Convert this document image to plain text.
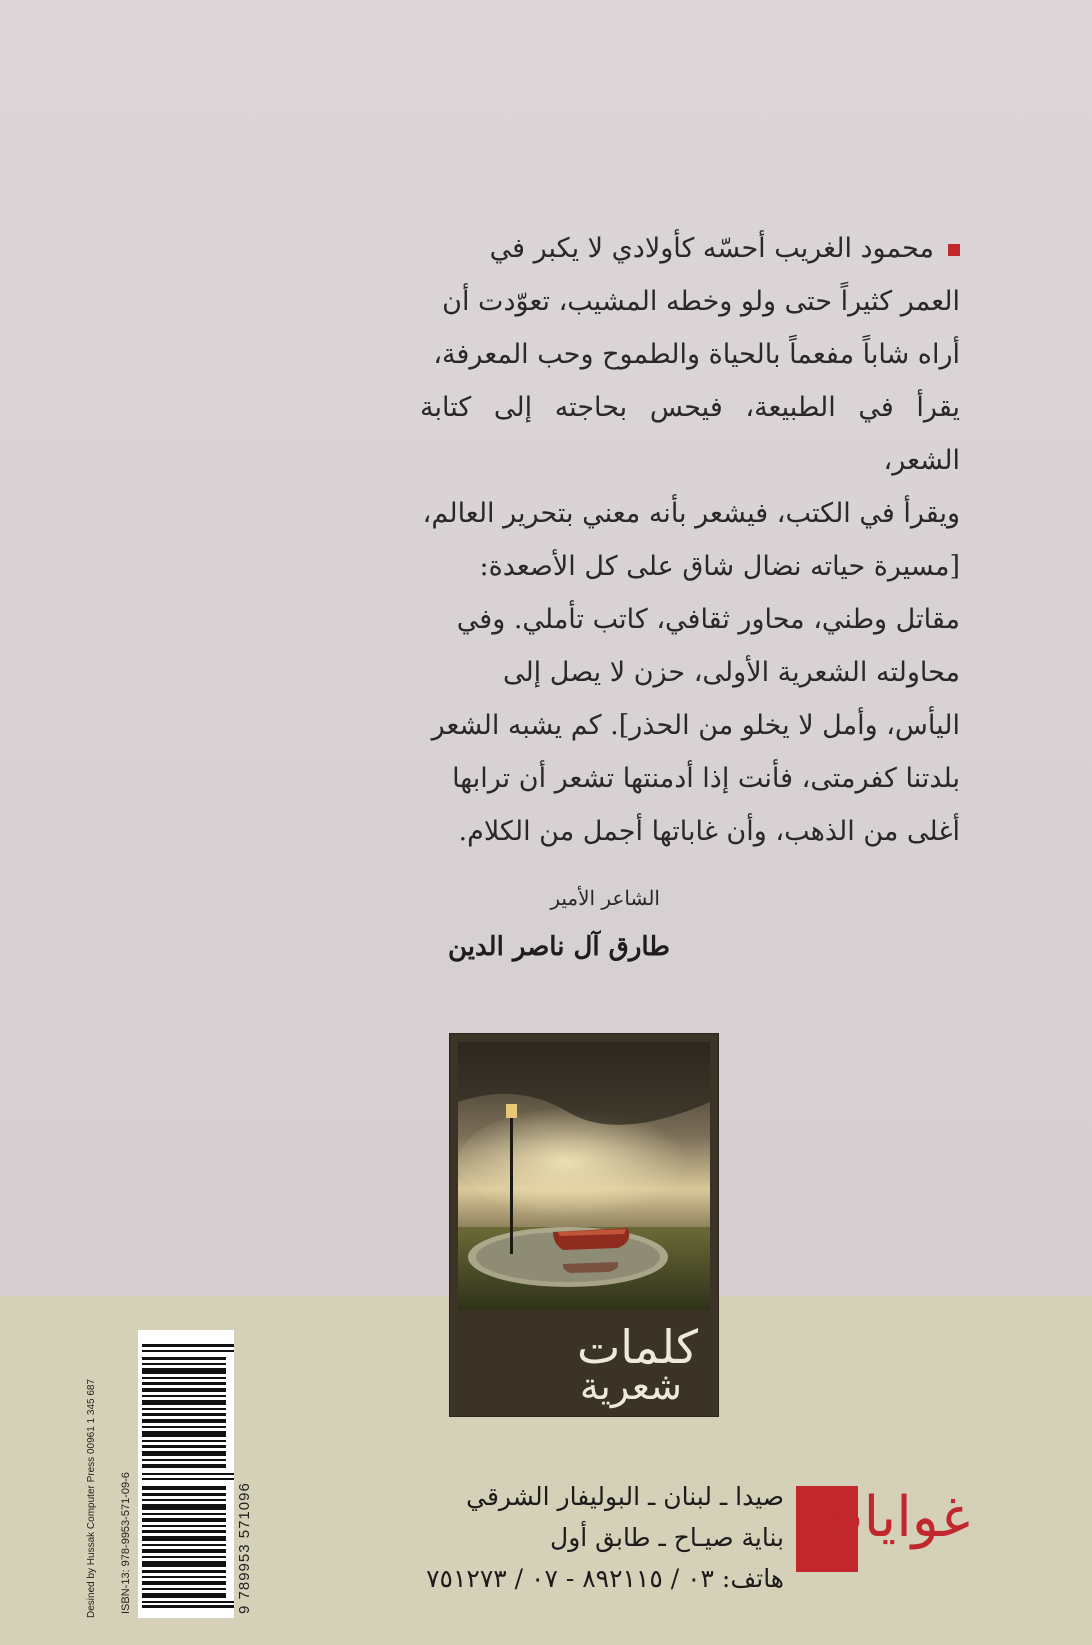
محمود الغريب أحسّه كأولادي لا يكبر في
العمر كثيراً حتى ولو وخطه المشيب، تعوّدت أن
أراه شاباً مفعماً بالحياة والطموح وحب المعرفة،
يقرأ في الطبيعة، فيحس بحاجته إلى كتابة الشعر،
ويقرأ في الكتب، فيشعر بأنه معني بتحرير العالم،
[مسيرة حياته نضال شاق على كل الأصعدة:
مقاتل وطني، محاور ثقافي، كاتب تأملي. وفي
محاولته الشعرية الأولى، حزن لا يصل إلى
اليأس، وأمل لا يخلو من الحذر]. كم يشبه الشعر
بلدتنا كفرمتى، فأنت إذا أدمنتها تشعر أن ترابها
أغلى من الذهب، وأن غاباتها أجمل من الكلام.
الشاعر الأمير
طارق آل ناصر الدين
كلمات
شعرية
Desined by Hussak Computer Press 00961 1 345 687 ISBN-13: 978-9953-571-09-6	9 789953 571096	صيدا ـ لبنان ـ البوليفار الشرقي
بناية صيـاح ـ طابق أول
هاتف: ٠٣ / ٨٩٢١١٥ - ٠٧ / ٧٥١٢٧٣
غوايات
